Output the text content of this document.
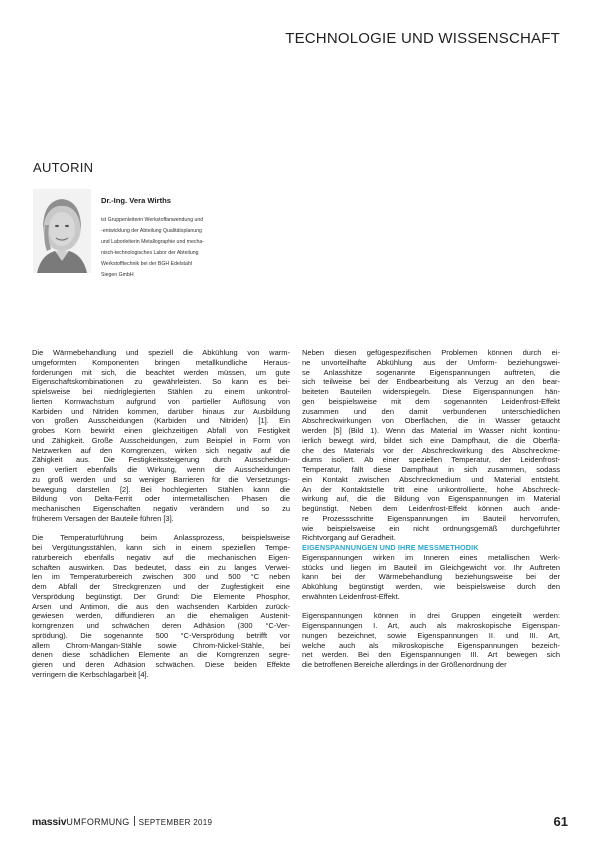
TECHNOLOGIE UND WISSENSCHAFT
AUTORIN
Dr.-Ing. Vera Wirths
ist Gruppenleiterin Werkstoffanwendung und
-entwicklung der Abteilung Qualitätsplanung
und Laborleiterin Metallographie und mecha-
nisch-technologisches Labor der Abteilung
Werkstofftechnik bei der BGH Edelstahl
Siegen GmbH
Die Wärmebehandlung und speziell die Abkühlung von warm-
umgeformten Komponenten bringen metallkundliche Heraus-
forderungen mit sich, die beachtet werden müssen, um gute
Eigenschaftskombinationen zu gewährleisten. So kann es bei-
spielsweise bei niedriglegierten Stählen zu einem unkontrol-
lierten Kornwachstum aufgrund von partieller Auflösung von
Karbiden und Nitriden kommen, darüber hinaus zur Ausbildung
von großen Ausscheidungen (Karbiden und Nitriden) [1]. Ein
grobes Korn bewirkt einen gleichzeitigen Abfall von Festigkeit
und Zähigkeit. Große Ausscheidungen, zum Beispiel in Form von
Netzwerken auf den Korngrenzen, wirken sich negativ auf die
Zähigkeit aus. Die Festigkeitssteigerung durch Ausscheidun-
gen verliert ebenfalls die Wirkung, wenn die Ausscheidungen
zu groß werden und so weniger Barrieren für die Versetzungs-
bewegung darstellen [2]. Bei hochlegierten Stählen kann die
Bildung von Delta-Ferrit oder intermetallischen Phasen die
mechanischen Eigenschaften negativ verändern und so zu
früherem Versagen der Bauteile führen [3].
Die Temperaturführung beim Anlassprozess, beispielsweise
bei Vergütungsstählen, kann sich in einem speziellen Tempe-
raturbereich ebenfalls negativ auf die mechanischen Eigen-
schaften auswirken. Das bedeutet, dass ein zu langes Verwei-
len im Temperaturbereich zwischen 300 und 500 °C neben
dem Abfall der Streckgrenzen und der Zugfestigkeit eine
Versprödung begünstigt. Der Grund: Die Elemente Phosphor,
Arsen und Antimon, die aus den wachsenden Karbiden zurück-
gewiesen werden, diffundieren an die ehemaligen Austenit-
korngrenzen und schwächen deren Adhäsion (300 °C-Ver-
sprödung). Die sogenannte 500 °C-Versprödung betrifft vor
allem Chrom-Mangan-Stähle sowie Chrom-Nickel-Stähle, bei
denen diese schädlichen Elemente an die Korngrenzen segre-
gieren und deren Adhäsion schwächen. Diese beiden Effekte
verringern die Kerbschlagarbeit [4].
Neben diesen gefügespezifischen Problemen können durch ei-
ne unvorteilhafte Abkühlung aus der Umform- beziehungswei-
se Anlasshitze sogenannte Eigenspannungen auftreten, die
sich teilweise bei der Endbearbeitung als Verzug an den bear-
beiteten Bauteilen widerspiegeln. Diese Eigenspannungen hän-
gen beispielsweise mit dem sogenannten Leidenfrost-Effekt
zusammen und den damit verbundenen unterschiedlichen
Abschreckwirkungen von Oberflächen, die in Wasser getaucht
werden [5] (Bild 1). Wenn das Material im Wasser nicht kontinu-
ierlich bewegt wird, bildet sich eine Dampfhaut, die die Oberflä-
che des Materials vor der Abschreckwirkung des Abschreckme-
diums isoliert. Ab einer speziellen Temperatur, der Leidenfrost-
Temperatur, fällt diese Dampfhaut in sich zusammen, sodass
ein Kontakt zwischen Abschreckmedium und Material entsteht.
An der Kontaktstelle tritt eine unkontrollierte, hohe Abschreck-
wirkung auf, die die Bildung von Eigenspannungen im Material
begünstigt. Neben dem Leidenfrost-Effekt können auch ande-
re Prozessschritte Eigenspannungen im Bauteil hervorrufen,
wie beispielsweise ein nicht ordnungsgemäß durchgeführter
Richtvorgang auf Geradheit.
EIGENSPANNUNGEN UND IHRE MESSMETHODIK
Eigenspannungen wirken im Inneren eines metallischen Werk-
stücks und liegen im Bauteil im Gleichgewicht vor. Ihr Auftreten
kann bei der Wärmebehandlung beziehungsweise bei der
Abkühlung begünstigt werden, wie beispielsweise durch den
erwähnten Leidenfrost-Effekt.
Eigenspannungen können in drei Gruppen eingeteilt werden:
Eigenspannungen I. Art, auch als makroskopische Eigenspan-
nungen bezeichnet, sowie Eigenspannungen II. und III. Art,
welche auch als mikroskopische Eigenspannungen bezeich-
net werden. Bei den Eigenspannungen III. Art bewegen sich
die betroffenen Bereiche allerdings in der Größenordnung der
massivUMFORMUNG SEPTEMBER 2019	61
